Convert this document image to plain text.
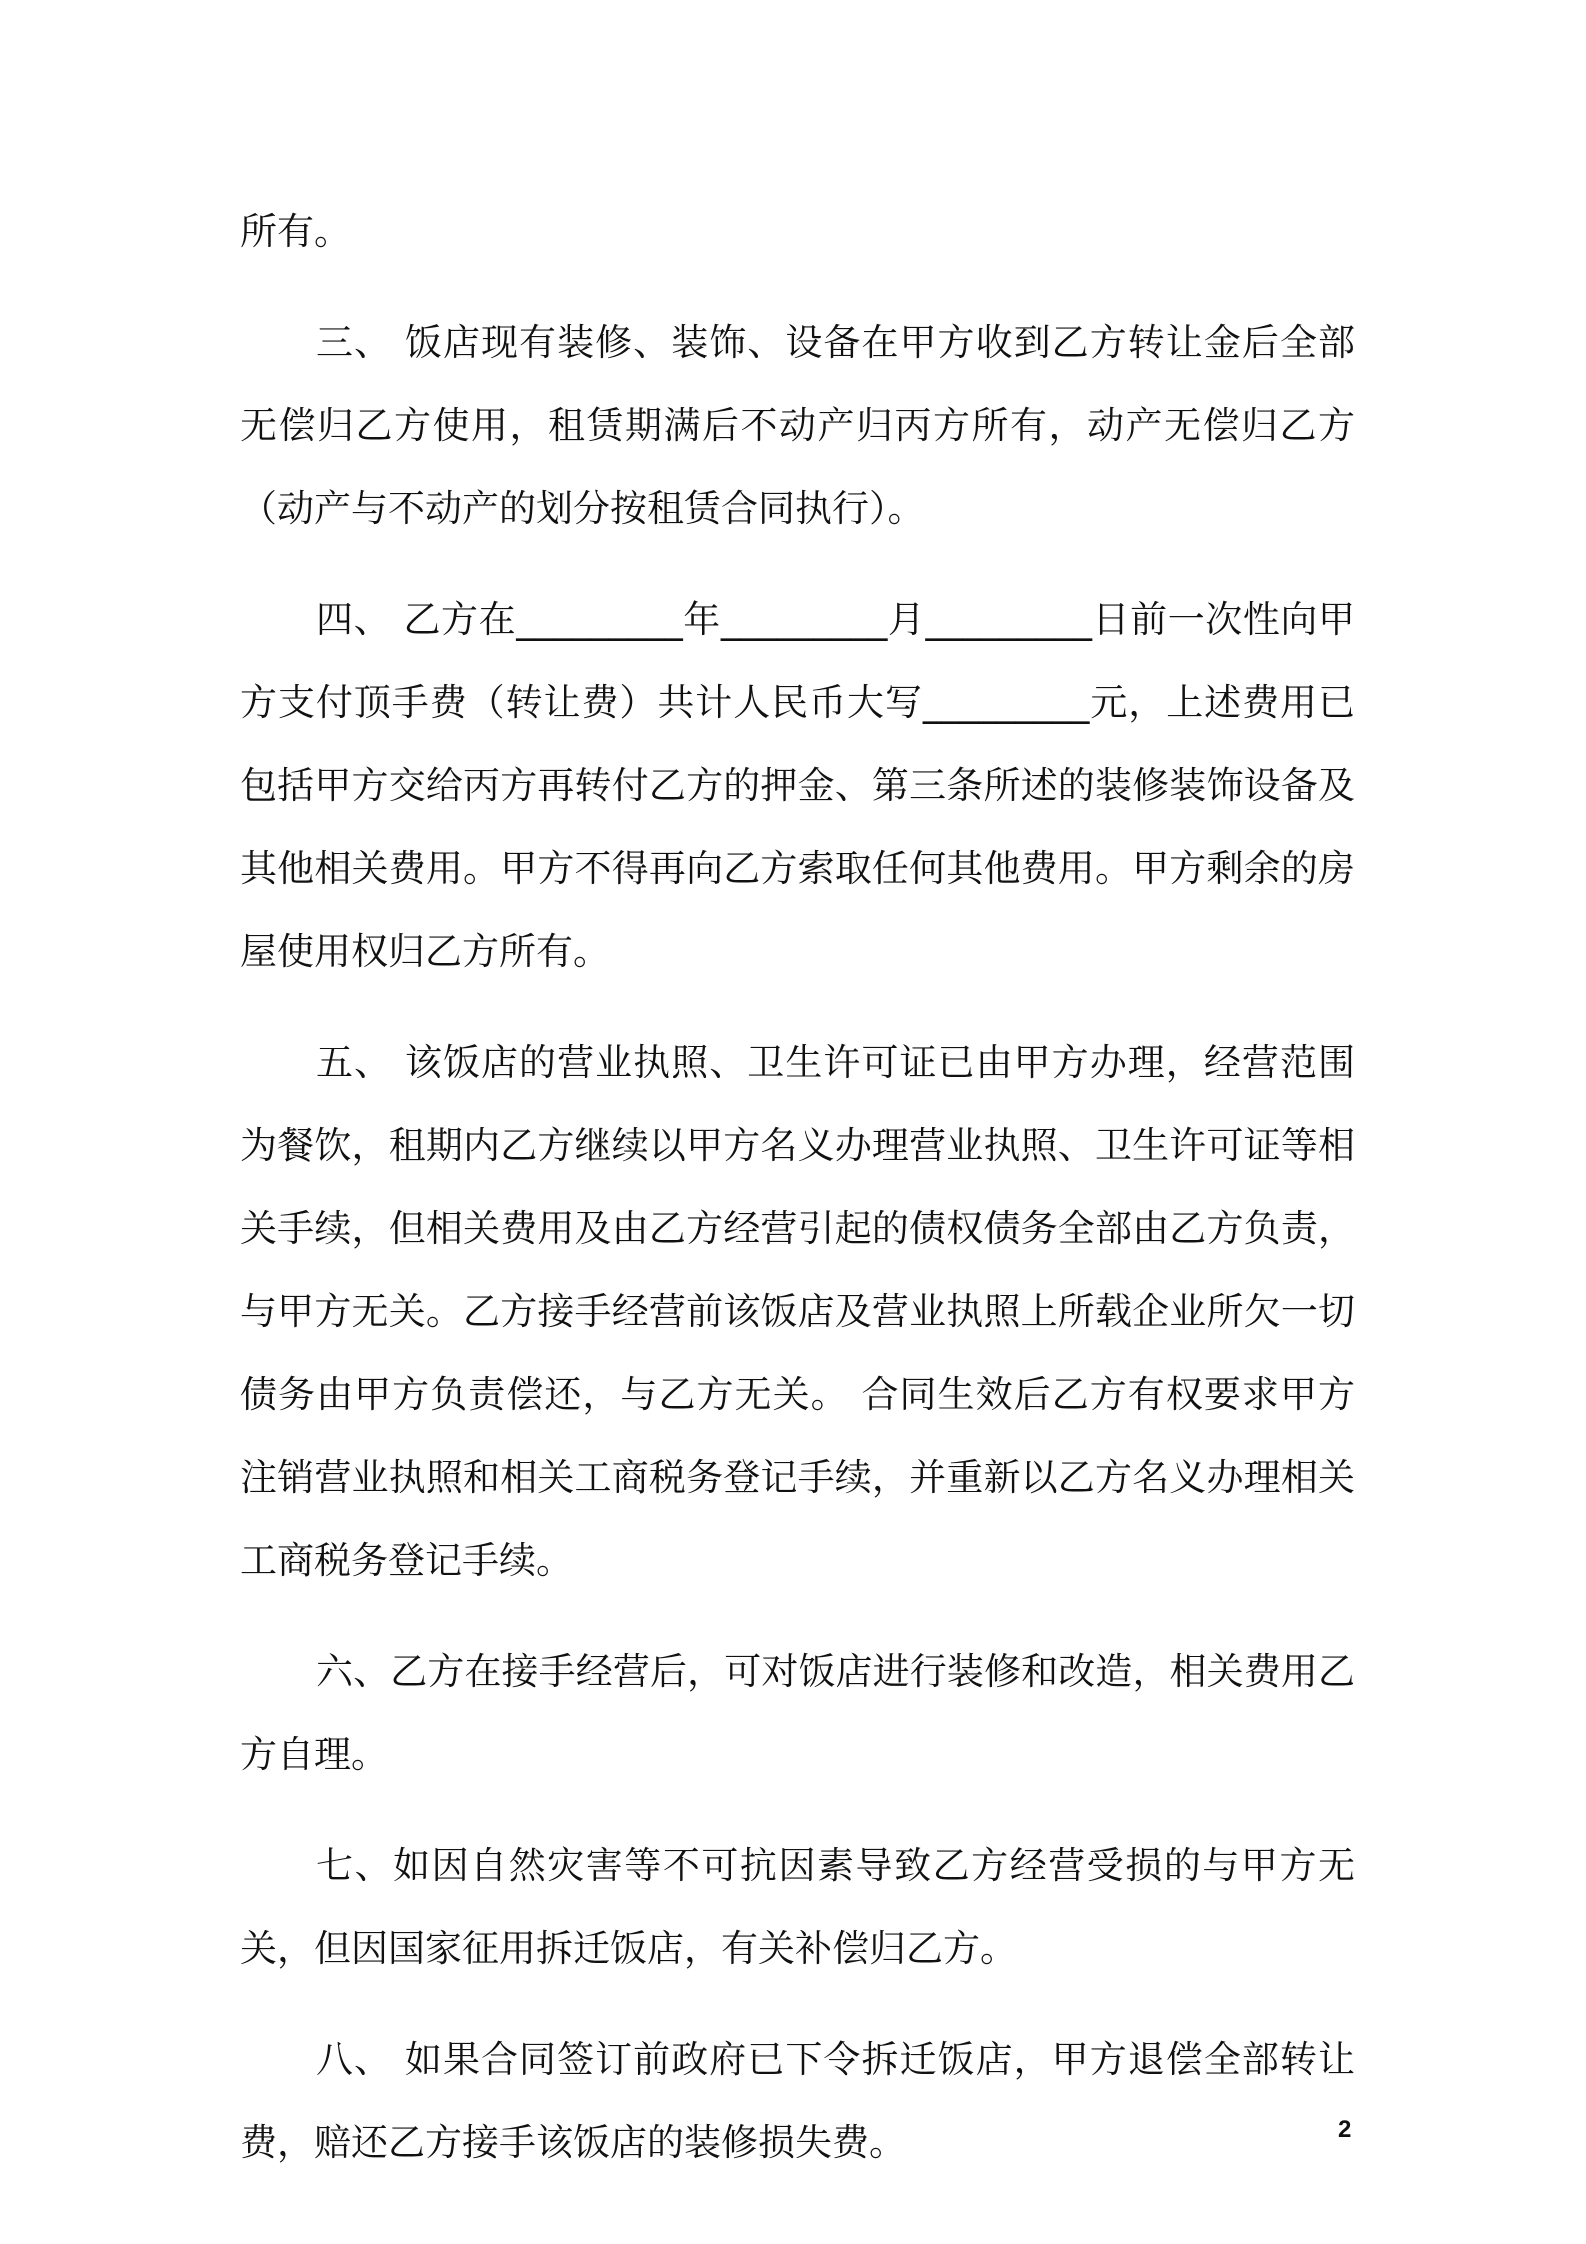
所有。

三、 饭店现有装修、装饰、设备在甲方收到乙方转让金后全部无偿归乙方使用，租赁期满后不动产归丙方所有，动产无偿归乙方（动产与不动产的划分按租赁合同执行）。

四、 乙方在_________年_________月_________日前一次性向甲方支付顶手费（转让费）共计人民币大写_________元，上述费用已包括甲方交给丙方再转付乙方的押金、第三条所述的装修装饰设备及其他相关费用。甲方不得再向乙方索取任何其他费用。甲方剩余的房屋使用权归乙方所有。

五、 该饭店的营业执照、卫生许可证已由甲方办理，经营范围为餐饮，租期内乙方继续以甲方名义办理营业执照、卫生许可证等相关手续，但相关费用及由乙方经营引起的债权债务全部由乙方负责，与甲方无关。乙方接手经营前该饭店及营业执照上所载企业所欠一切债务由甲方负责偿还，与乙方无关。 合同生效后乙方有权要求甲方注销营业执照和相关工商税务登记手续，并重新以乙方名义办理相关工商税务登记手续。

六、乙方在接手经营后，可对饭店进行装修和改造，相关费用乙方自理。

七、如因自然灾害等不可抗因素导致乙方经营受损的与甲方无关，但因国家征用拆迁饭店，有关补偿归乙方。

八、 如果合同签订前政府已下令拆迁饭店，甲方退偿全部转让费，赔还乙方接手该饭店的装修损失费。	2
